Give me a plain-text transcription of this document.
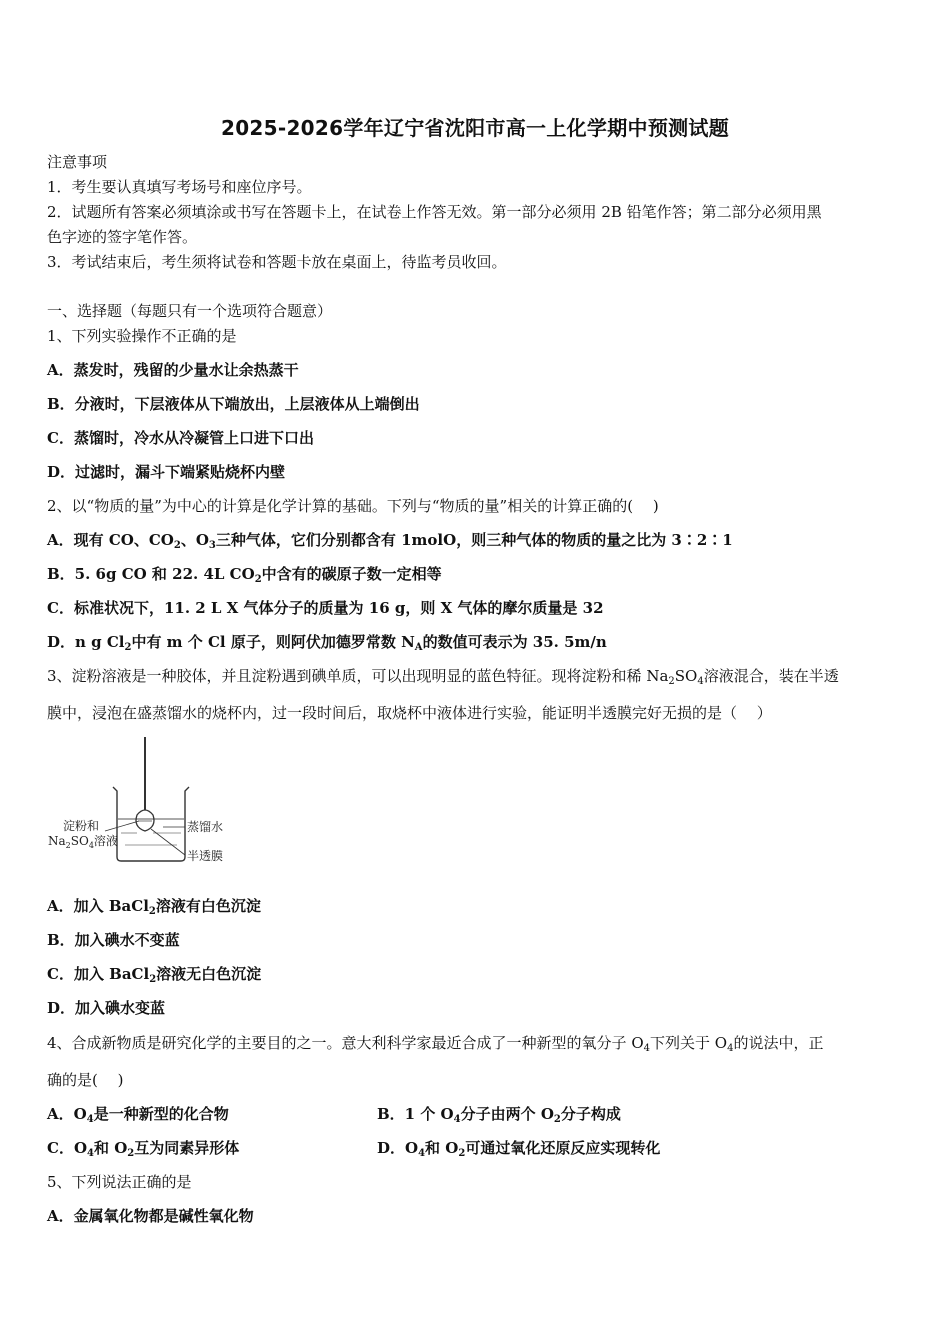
2025-2026学年辽宁省沈阳市高一上化学期中预测试题
注意事项
1．考生要认真填写考场号和座位序号。
2．试题所有答案必须填涂或书写在答题卡上，在试卷上作答无效。第一部分必须用 2B 铅笔作答；第二部分必须用黑
色字迹的签字笔作答。
3．考试结束后，考生须将试卷和答题卡放在桌面上，待监考员收回。
一、选择题（每题只有一个选项符合题意）
1、下列实验操作不正确的是
A．蒸发时，残留的少量水让余热蒸干
B．分液时，下层液体从下端放出，上层液体从上端倒出
C．蒸馏时，冷水从冷凝管上口进下口出
D．过滤时，漏斗下端紧贴烧杯内壁
2、以“物质的量”为中心的计算是化学计算的基础。下列与“物质的量”相关的计算正确的(　 )
A．现有 CO、$CO_2$、$O_3$三种气体，它们分别都含有 1molO，则三种气体的物质的量之比为 3∶2∶1
B．5. 6g CO 和 22. 4L $CO_2$中含有的碳原子数一定相等
C．标准状况下，11. 2 L X 气体分子的质量为 16 g，则 X 气体的摩尔质量是 32
D．n g $Cl_2$中有 m 个 Cl 原子，则阿伏加德罗常数 $N_A$的数值可表示为 35. 5m/n
3、淀粉溶液是一种胶体，并且淀粉遇到碘单质，可以出现明显的蓝色特征。现将淀粉和稀 $Na_2SO_4$溶液混合，装在半透
膜中，浸泡在盛蒸馏水的烧杯内，过一段时间后，取烧杯中液体进行实验，能证明半透膜完好无损的是（　 ）
淀粉和
$Na_2SO_4$溶液
蒸馏水
半透膜
A．加入 BaCl$_2$溶液有白色沉淀
B．加入碘水不变蓝
C．加入 BaCl$_2$溶液无白色沉淀
D．加入碘水变蓝
4、合成新物质是研究化学的主要目的之一。意大利科学家最近合成了一种新型的氧分子 $O_4$下列关于 $O_4$的说法中，正
确的是(　 )
A．$O_4$是一种新型的化合物	B．1 个 $O_4$分子由两个 $O_2$分子构成
C．$O_4$和 $O_2$互为同素异形体	D．$O_4$和 $O_2$可通过氧化还原反应实现转化
5、下列说法正确的是
A．金属氧化物都是碱性氧化物
